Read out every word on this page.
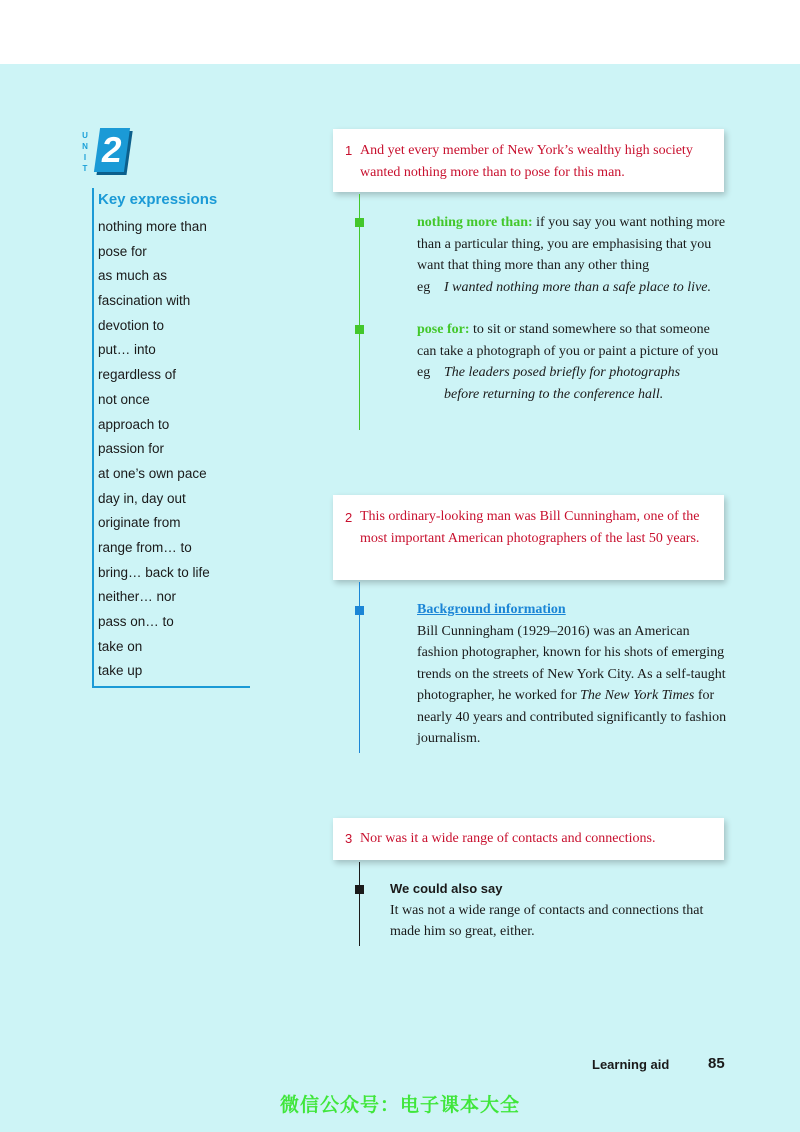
U
N
I
T 2
Key expressions
nothing more than
pose for
as much as
fascination with
devotion to
put… into
regardless of
not once
approach to
passion for
at one’s own pace
day in, day out
originate from
range from… to
bring… back to life
neither… nor
pass on… to
take on
take up
1 And yet every member of New York’s wealthy high society wanted nothing more than to pose for this man.
nothing more than: if you say you want nothing more than a particular thing, you are emphasising that you want that thing more than any other thing
eg I wanted nothing more than a safe place to live.
pose for: to sit or stand somewhere so that someone can take a photograph of you or paint a picture of you
eg The leaders posed briefly for photographs
before returning to the conference hall.
2 This ordinary-looking man was Bill Cunningham, one of the most important American photographers of the last 50 years.
Background information
Bill Cunningham (1929–2016) was an American fashion photographer, known for his shots of emerging trends on the streets of New York City. As a self-taught photographer, he worked for The New York Times for nearly 40 years and contributed significantly to fashion journalism.
3 Nor was it a wide range of contacts and connections.
We could also say
It was not a wide range of contacts and connections that made him so great, either.
Learning aid	85
微信公众号：电子课本大全
